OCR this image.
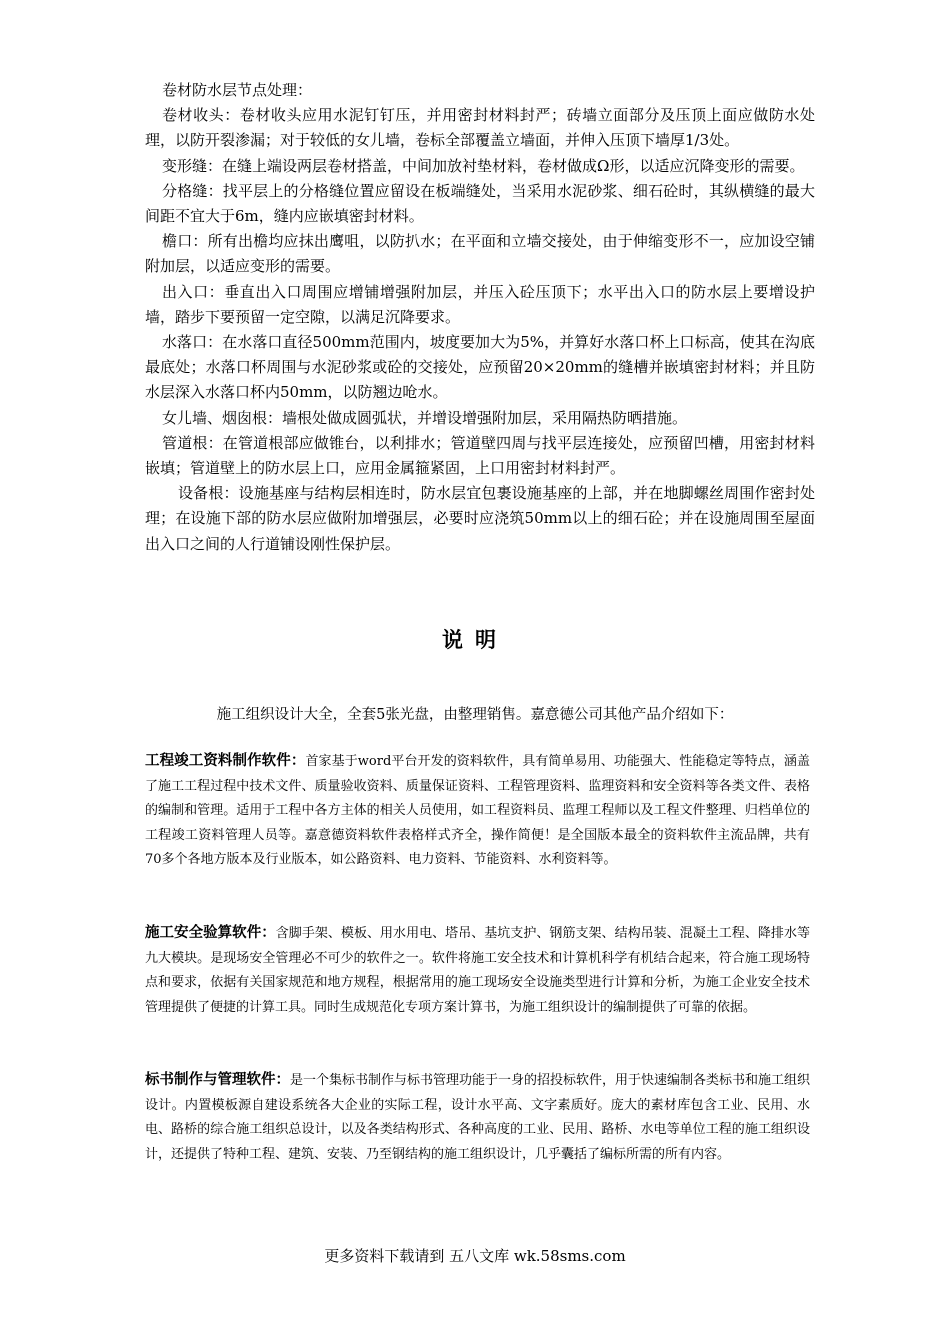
卷材防水层节点处理：

卷材收头：卷材收头应用水泥钉钉压，并用密封材料封严；砖墙立面部分及压顶上面应做防水处理，以防开裂渗漏；对于较低的女儿墙，卷标全部覆盖立墙面，并伸入压顶下墙厚1/3处。

变形缝：在缝上端设两层卷材搭盖，中间加放衬垫材料，卷材做成Ω形，以适应沉降变形的需要。

分格缝：找平层上的分格缝位置应留设在板端缝处，当采用水泥砂浆、细石砼时，其纵横缝的最大间距不宜大于6m，缝内应嵌填密封材料。

檐口：所有出檐均应抹出鹰咀，以防扒水；在平面和立墙交接处，由于伸缩变形不一，应加设空铺附加层，以适应变形的需要。

出入口：垂直出入口周围应增铺增强附加层，并压入砼压顶下；水平出入口的防水层上要增设护墙，踏步下要预留一定空隙，以满足沉降要求。

水落口：在水落口直径500mm范围内，坡度要加大为5%，并算好水落口杯上口标高，使其在沟底最底处；水落口杯周围与水泥砂浆或砼的交接处，应预留20×20mm的缝槽并嵌填密封材料；并且防水层深入水落口杯内50mm，以防翘边呛水。

女儿墙、烟囱根：墙根处做成圆弧状，并增设增强附加层，采用隔热防晒措施。

管道根：在管道根部应做锥台，以利排水；管道壁四周与找平层连接处，应预留凹槽，用密封材料嵌填；管道壁上的防水层上口，应用金属箍紧固，上口用密封材料封严。

设备根：设施基座与结构层相连时，防水层宜包裹设施基座的上部，并在地脚螺丝周围作密封处理；在设施下部的防水层应做附加增强层，必要时应浇筑50mm以上的细石砼；并在设施周围至屋面出入口之间的人行道铺设刚性保护层。

说明

施工组织设计大全，全套5张光盘，由整理销售。嘉意德公司其他产品介绍如下：

工程竣工资料制作软件：首家基于word平台开发的资料软件，具有简单易用、功能强大、性能稳定等特点，涵盖了施工工程过程中技术文件、质量验收资料、质量保证资料、工程管理资料、监理资料和安全资料等各类文件、表格的编制和管理。适用于工程中各方主体的相关人员使用，如工程资料员、监理工程师以及工程文件整理、归档单位的工程竣工资料管理人员等。嘉意德资料软件表格样式齐全，操作简便！是全国版本最全的资料软件主流品牌，共有70多个各地方版本及行业版本，如公路资料、电力资料、节能资料、水利资料等。

施工安全验算软件：含脚手架、模板、用水用电、塔吊、基坑支护、钢筋支架、结构吊装、混凝土工程、降排水等九大模块。是现场安全管理必不可少的软件之一。软件将施工安全技术和计算机科学有机结合起来，符合施工现场特点和要求，依据有关国家规范和地方规程，根据常用的施工现场安全设施类型进行计算和分析，为施工企业安全技术管理提供了便捷的计算工具。同时生成规范化专项方案计算书，为施工组织设计的编制提供了可靠的依据。

标书制作与管理软件：是一个集标书制作与标书管理功能于一身的招投标软件，用于快速编制各类标书和施工组织设计。内置模板源自建设系统各大企业的实际工程，设计水平高、文字素质好。庞大的素材库包含工业、民用、水电、路桥的综合施工组织总设计，以及各类结构形式、各种高度的工业、民用、路桥、水电等单位工程的施工组织设计，还提供了特种工程、建筑、安装、乃至钢结构的施工组织设计，几乎囊括了编标所需的所有内容。

更多资料下载请到 五八文库 wk.58sms.com
